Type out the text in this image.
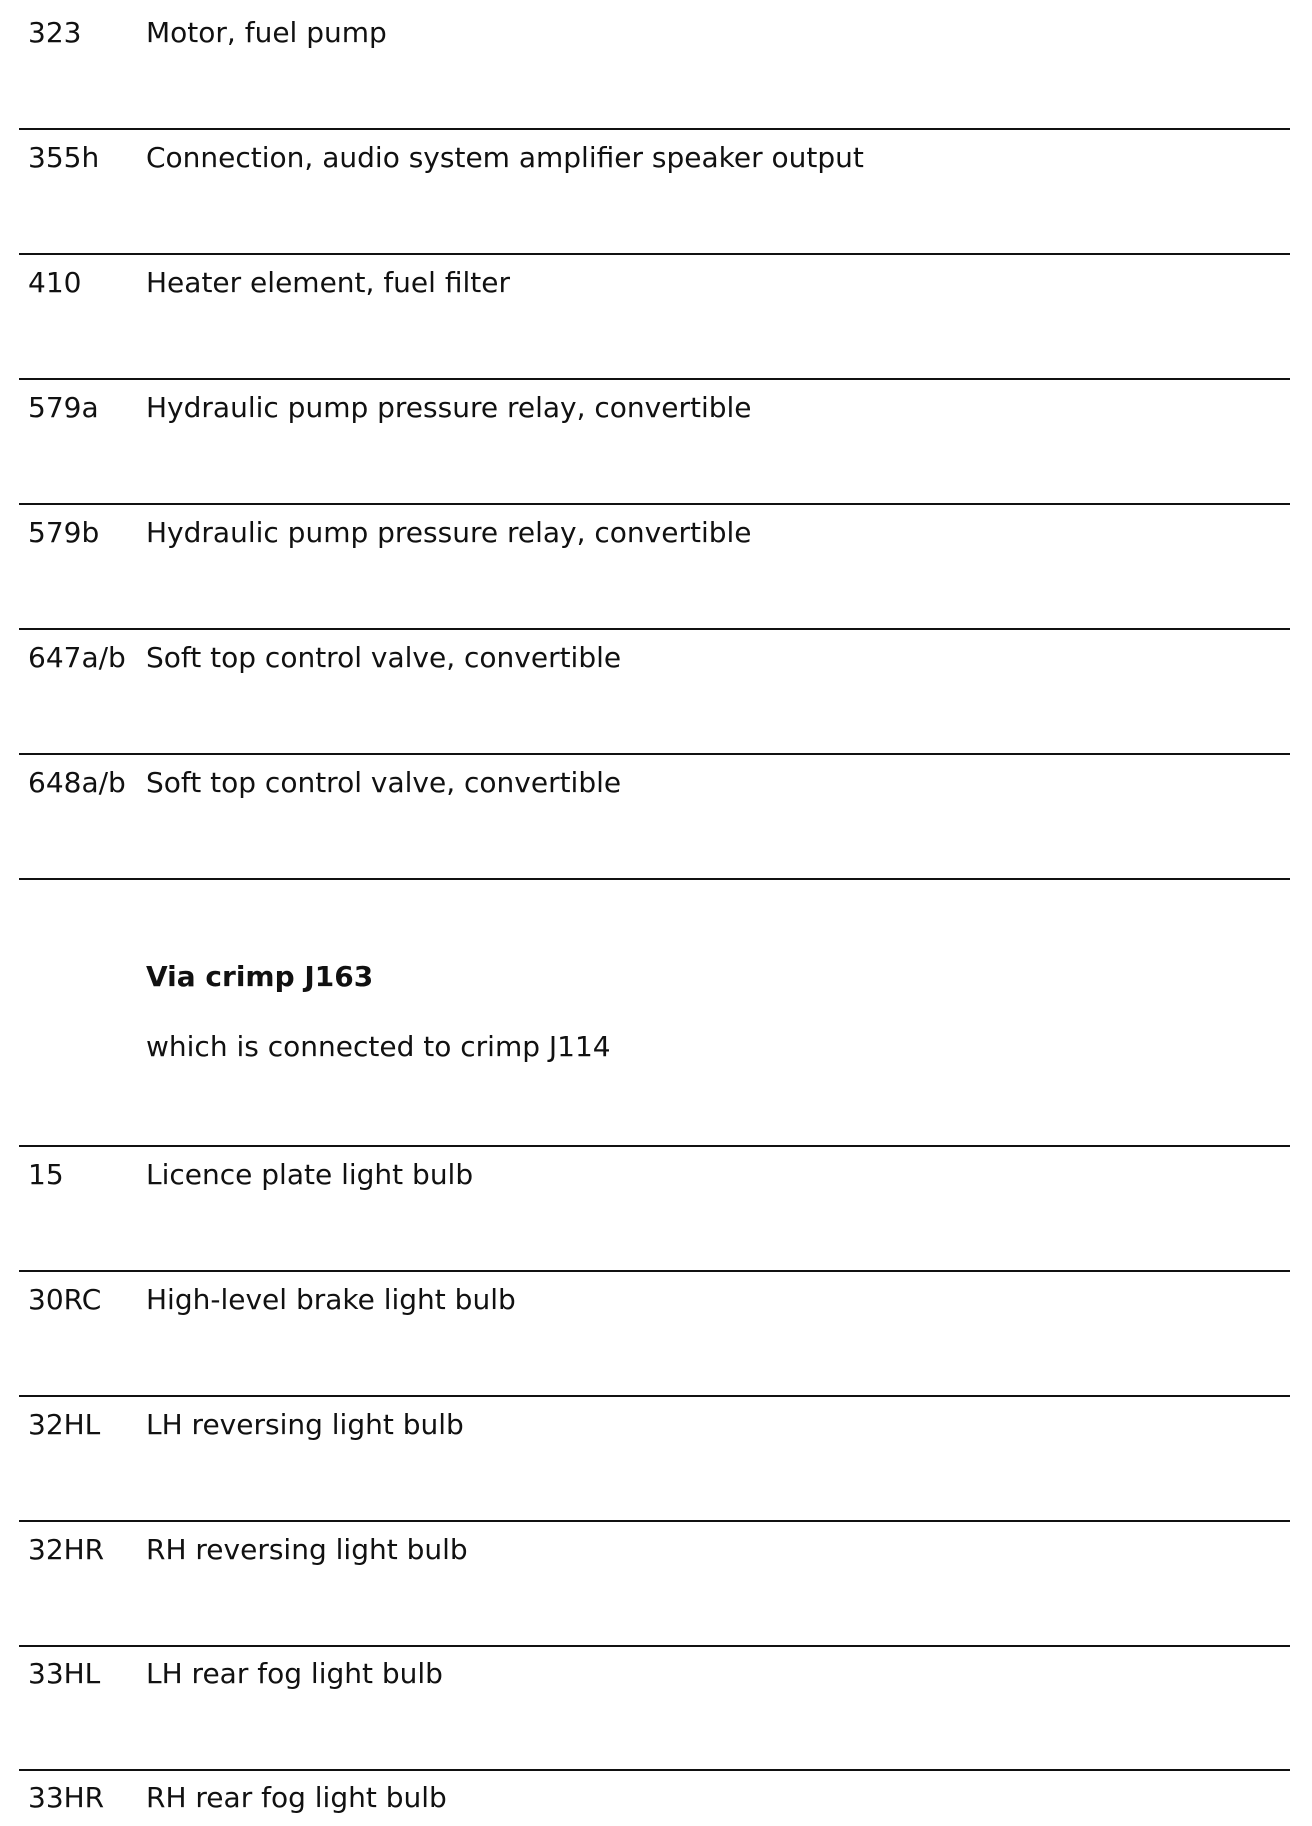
323 Motor, fuel pump
355h Connection, audio system amplifier speaker output
410 Heater element, fuel filter
579a Hydraulic pump pressure relay, convertible
579b Hydraulic pump pressure relay, convertible
647a/b Soft top control valve, convertible
648a/b Soft top control valve, convertible
Via crimp J163
which is connected to crimp J114
15	Licence plate light bulb
30RC High-level brake light bulb
32HL LH reversing light bulb
32HR RH reversing light bulb
33HL LH rear fog light bulb
33HR RH rear fog light bulb
